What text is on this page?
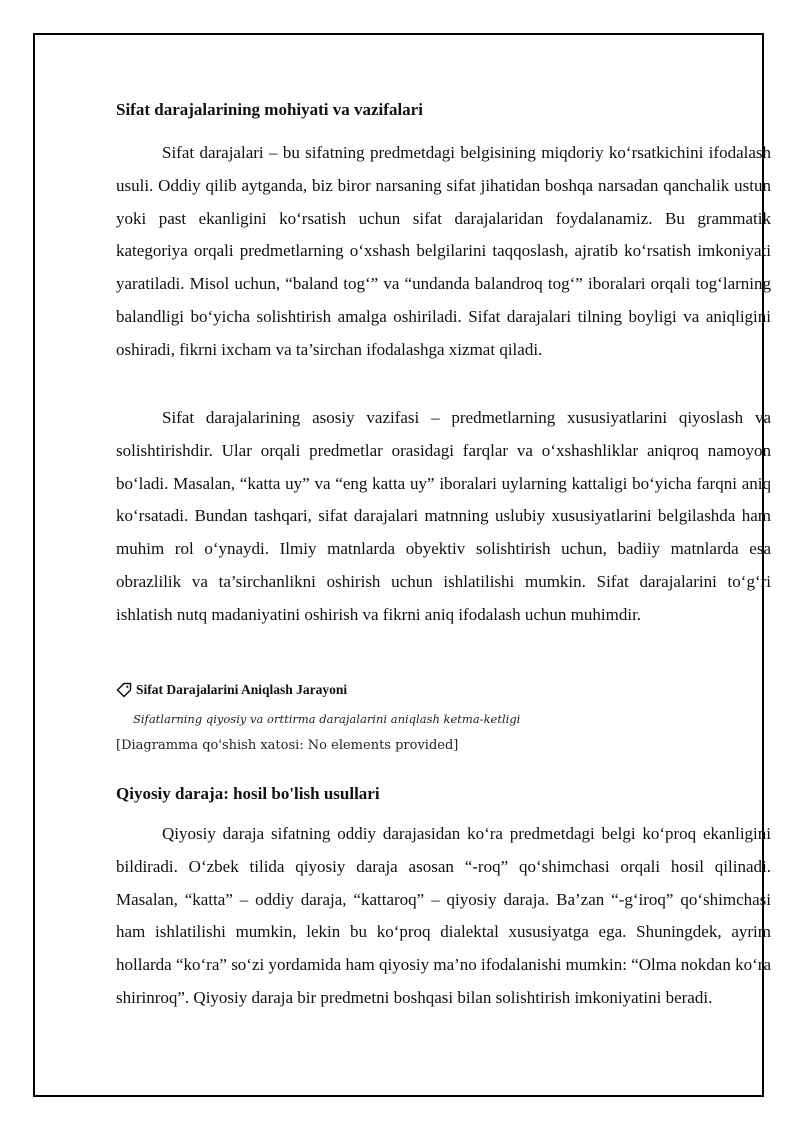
Sifat darajalarining mohiyati va vazifalari

Sifat darajalari – bu sifatning predmetdagi belgisining miqdoriy ko‘rsatkichini ifodalash usuli. Oddiy qilib aytganda, biz biror narsaning sifat jihatidan boshqa narsadan qanchalik ustun yoki past ekanligini ko‘rsatish uchun sifat darajalaridan foydalanamiz. Bu grammatik kategoriya orqali predmetlarning o‘xshash belgilarini taqqoslash, ajratib ko‘rsatish imkoniyati yaratiladi. Misol uchun, “baland tog‘” va “undanda balandroq tog‘” iboralari orqali tog‘larning balandligi bo‘yicha solishtirish amalga oshiriladi. Sifat darajalari tilning boyligi va aniqligini oshiradi, fikrni ixcham va ta’sirchan ifodalashga xizmat qiladi.

Sifat darajalarining asosiy vazifasi – predmetlarning xususiyatlarini qiyoslash va solishtirishdir. Ular orqali predmetlar orasidagi farqlar va o‘xshashliklar aniqroq namoyon bo‘ladi. Masalan, “katta uy” va “eng katta uy” iboralari uylarning kattaligi bo‘yicha farqni aniq ko‘rsatadi. Bundan tashqari, sifat darajalari matnning uslubiy xususiyatlarini belgilashda ham muhim rol o‘ynaydi. Ilmiy matnlarda obyektiv solishtirish uchun, badiiy matnlarda esa obrazlilik va ta’sirchanlikni oshirish uchun ishlatilishi mumkin. Sifat darajalarini to‘g‘ri ishlatish nutq madaniyatini oshirish va fikrni aniq ifodalash uchun muhimdir.

Sifat Darajalarini Aniqlash Jarayoni
Sifatlarning qiyosiy va orttirma darajalarini aniqlash ketma-ketligi
[Diagramma qo'shish xatosi: No elements provided]
Qiyosiy daraja: hosil bo'lish usullari

Qiyosiy daraja sifatning oddiy darajasidan ko‘ra predmetdagi belgi ko‘proq ekanligini bildiradi. O‘zbek tilida qiyosiy daraja asosan “-roq” qo‘shimchasi orqali hosil qilinadi. Masalan, “katta” – oddiy daraja, “kattaroq” – qiyosiy daraja. Ba’zan “-g‘iroq” qo‘shimchasi ham ishlatilishi mumkin, lekin bu ko‘proq dialektal xususiyatga ega. Shuningdek, ayrim hollarda “ko‘ra” so‘zi yordamida ham qiyosiy ma’no ifodalanishi mumkin: “Olma nokdan ko‘ra shirinroq”. Qiyosiy daraja bir predmetni boshqasi bilan solishtirish imkoniyatini beradi.
